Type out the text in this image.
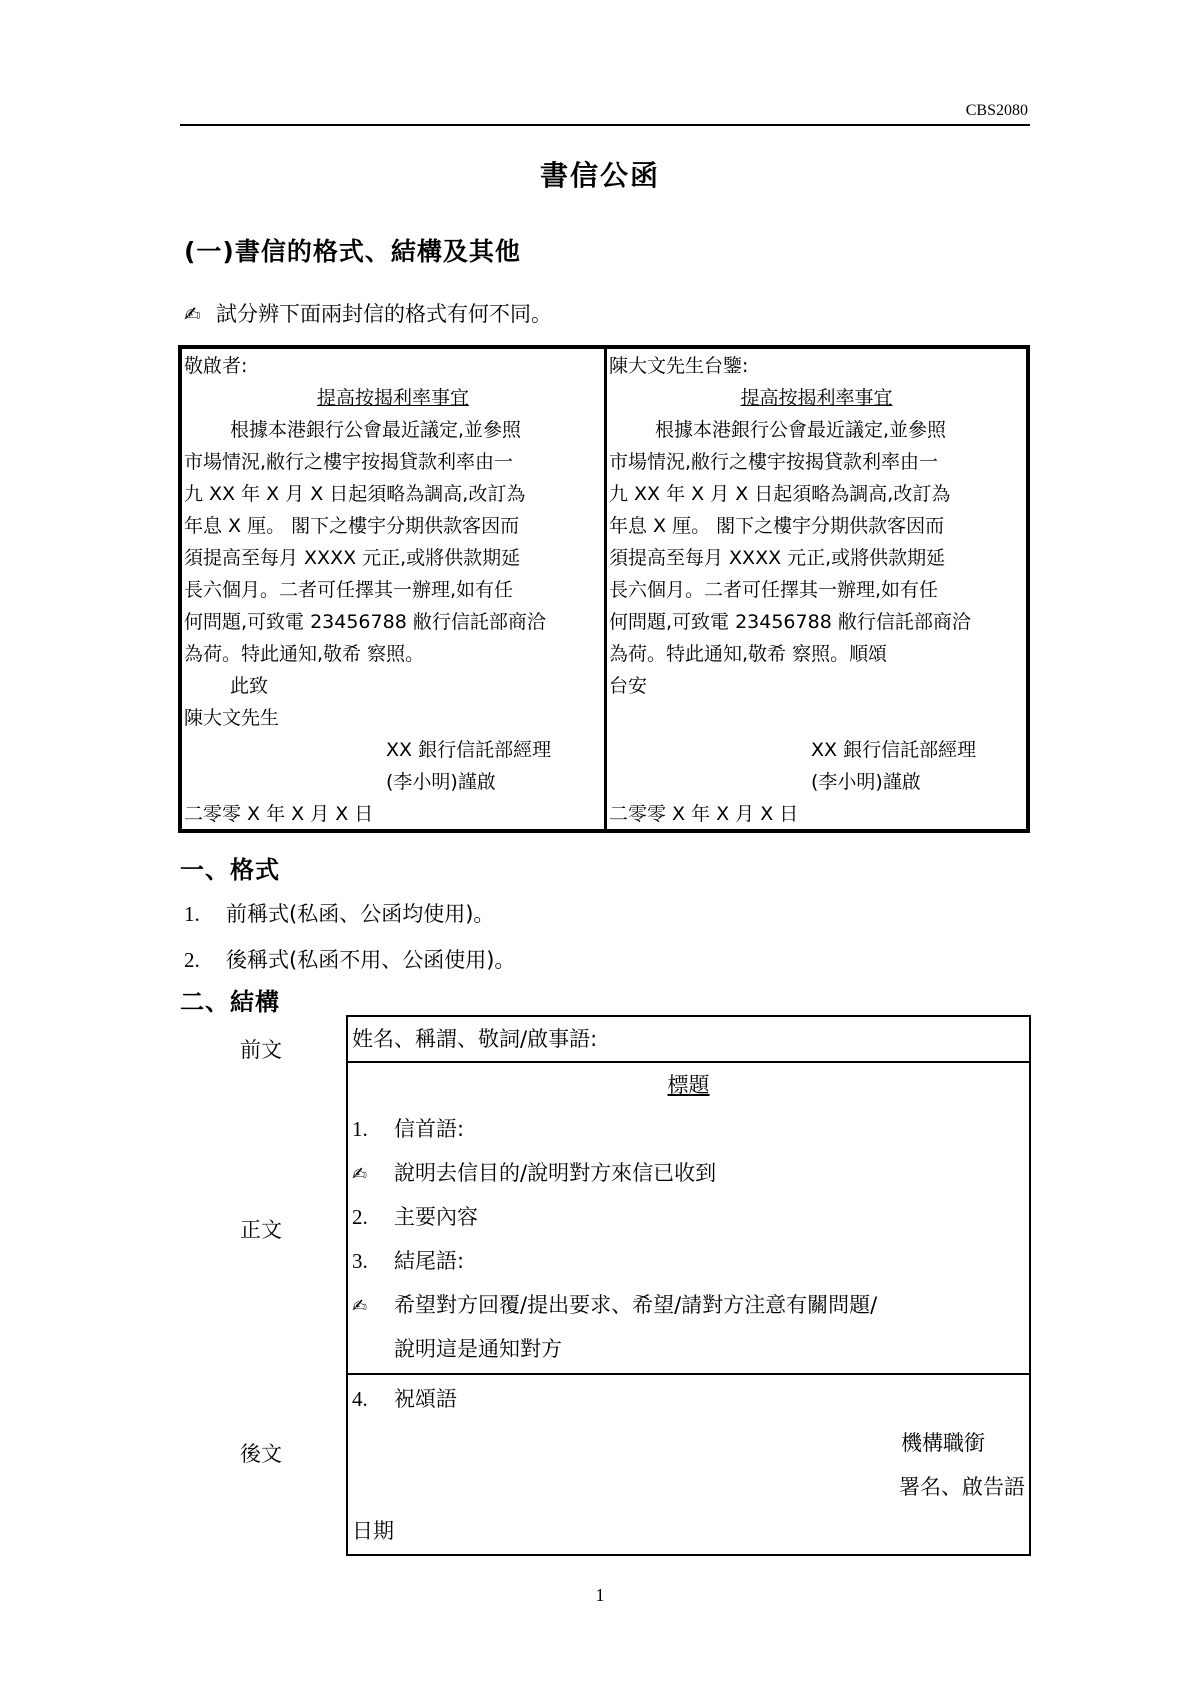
CBS2080
書信公函
(一)書信的格式、結構及其他
✍ 試分辨下面兩封信的格式有何不同。
敬啟者:
提高按揭利率事宜
根據本港銀行公會最近議定,並參照
市場情況,敝行之樓宇按揭貸款利率由一
九 XX 年 X 月 X 日起須略為調高,改訂為
年息 X 厘。 閣下之樓宇分期供款客因而
須提高至每月 XXXX 元正,或將供款期延
長六個月。二者可任擇其一辦理,如有任
何問題,可致電 23456788 敝行信託部商洽
為荷。特此通知,敬希 察照。
此致
陳大文先生
XX 銀行信託部經理
(李小明)謹啟
二零零 X 年 X 月 X 日
陳大文先生台鑒:
提高按揭利率事宜
根據本港銀行公會最近議定,並參照
市場情況,敝行之樓宇按揭貸款利率由一
九 XX 年 X 月 X 日起須略為調高,改訂為
年息 X 厘。 閣下之樓宇分期供款客因而
須提高至每月 XXXX 元正,或將供款期延
長六個月。二者可任擇其一辦理,如有任
何問題,可致電 23456788 敝行信託部商洽
為荷。特此通知,敬希 察照。順頌
台安
XX 銀行信託部經理
(李小明)謹啟
二零零 X 年 X 月 X 日
一、格式
1. 前稱式(私函、公函均使用)。
2. 後稱式(私函不用、公函使用)。
二、結構
前文
正文
後文
姓名、稱謂、敬詞/啟事語:
標題
1. 信首語:
✍ 說明去信目的/說明對方來信已收到
2. 主要內容
3. 結尾語:
✍ 希望對方回覆/提出要求、希望/請對方注意有關問題/
說明這是通知對方
4. 祝頌語
機構職銜
署名、啟告語
日期
1
